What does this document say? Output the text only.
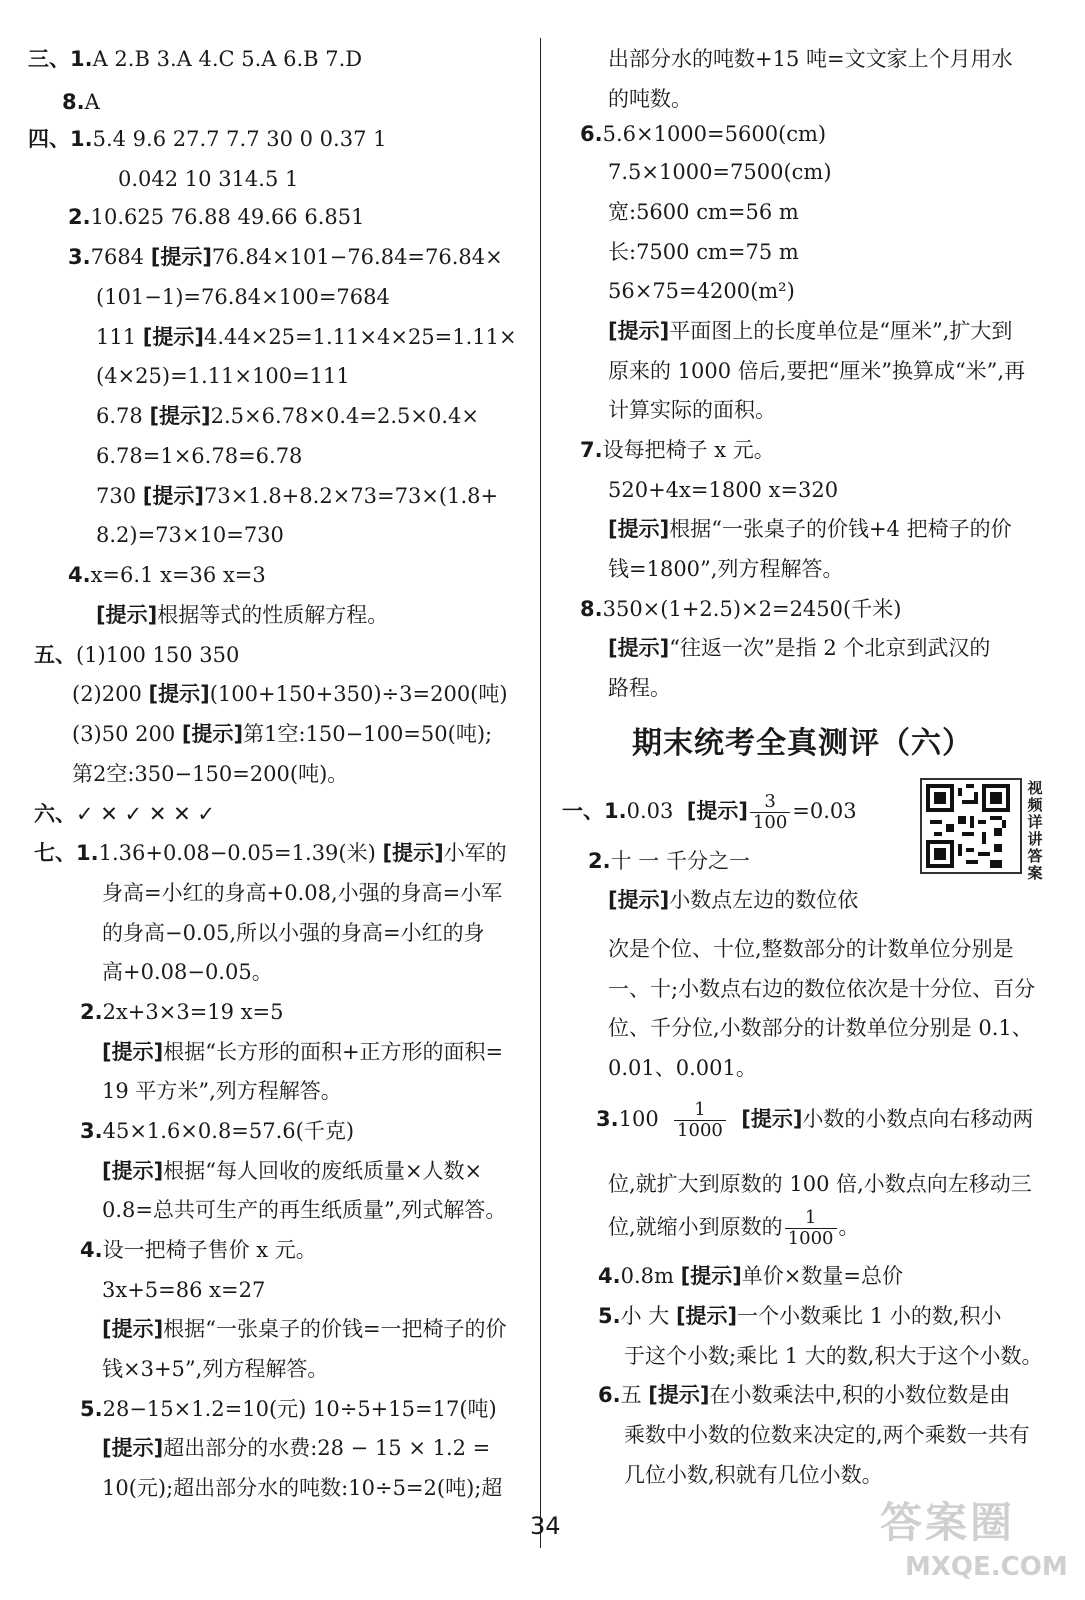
三、1.A 2.B 3.A 4.C 5.A 6.B 7.D
8.A
四、1.5.4 9.6 27.7 7.7 30 0 0.37 1
0.042 10 314.5 1
2.10.625 76.88 49.66 6.851
3.7684 [提示]76.84×101−76.84=76.84×
(101−1)=76.84×100=7684
111 [提示]4.44×25=1.11×4×25=1.11×
(4×25)=1.11×100=111
6.78 [提示]2.5×6.78×0.4=2.5×0.4×
6.78=1×6.78=6.78
730 [提示]73×1.8+8.2×73=73×(1.8+
8.2)=73×10=730
4.x=6.1 x=36 x=3
[提示]根据等式的性质解方程。
五、(1)100 150 350
(2)200 [提示](100+150+350)÷3=200(吨)
(3)50 200 [提示]第1空:150−100=50(吨);
第2空:350−150=200(吨)。
六、✓ ✕ ✓ ✕ ✕ ✓
七、1.1.36+0.08−0.05=1.39(米) [提示]小军的
身高=小红的身高+0.08,小强的身高=小军
的身高−0.05,所以小强的身高=小红的身
高+0.08−0.05。
2.2x+3×3=19 x=5
[提示]根据“长方形的面积+正方形的面积=
19 平方米”,列方程解答。
3.45×1.6×0.8=57.6(千克)
[提示]根据“每人回收的废纸质量×人数×
0.8=总共可生产的再生纸质量”,列式解答。
4.设一把椅子售价 x 元。
3x+5=86 x=27
[提示]根据“一张桌子的价钱=一把椅子的价
钱×3+5”,列方程解答。
5.28−15×1.2=10(元) 10÷5+15=17(吨)
[提示]超出部分的水费:28 − 15 × 1.2 =
10(元);超出部分水的吨数:10÷5=2(吨);超
出部分水的吨数+15 吨=文文家上个月用水
的吨数。
6.5.6×1000=5600(cm)
7.5×1000=7500(cm)
宽:5600 cm=56 m
长:7500 cm=75 m
56×75=4200(m²)
[提示]平面图上的长度单位是“厘米”,扩大到
原来的 1000 倍后,要把“厘米”换算成“米”,再
计算实际的面积。
7.设每把椅子 x 元。
520+4x=1800 x=320
[提示]根据“一张桌子的价钱+4 把椅子的价
钱=1800”,列方程解答。
8.350×(1+2.5)×2=2450(千米)
[提示]“往返一次”是指 2 个北京到武汉的
路程。
次是个位、十位,整数部分的计数单位分别是
一、十;小数点右边的数位依次是十分位、百分
位、千分位,小数部分的计数单位分别是 0.1、
0.01、0.001。
位,就扩大到原数的 100 倍,小数点向左移动三
4.0.8m [提示]单价×数量=总价
5.小 大 [提示]一个小数乘比 1 小的数,积小
于这个小数;乘比 1 大的数,积大于这个小数。
6.五 [提示]在小数乘法中,积的小数位数是由
乘数中小数的位数来决定的,两个乘数一共有
几位小数,积就有几位小数。
期末统考全真测评（六）
一、1.0.03 [提示] $\frac{3}{100} =0.03$
2.十 一 千分之一
[提示]小数点左边的数位依
$3.100 \frac{1}{1000}$ [提示]小数的小数点向右移动两
位,就缩小到原数的 $\frac{1}{1000}$ 。
视频详讲答案
34	答案圈
MXQE.COM
